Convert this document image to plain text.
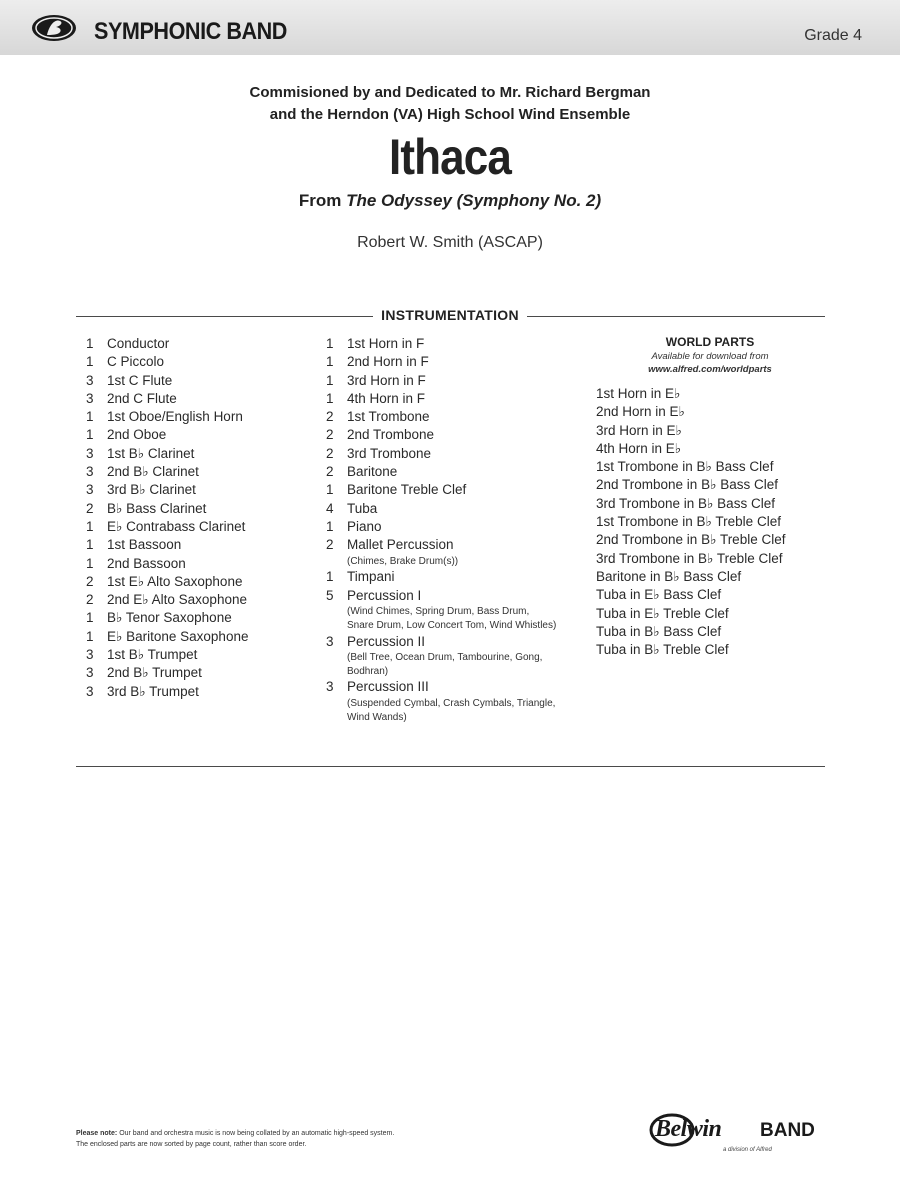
SYMPHONIC BAND	Grade 4
Commisioned by and Dedicated to Mr. Richard Bergman
and the Herndon (VA) High School Wind Ensemble
Ithaca
From The Odyssey (Symphony No. 2)
Robert W. Smith (ASCAP)
INSTRUMENTATION
1 Conductor
1 C Piccolo
3 1st C Flute
3 2nd C Flute
1 1st Oboe/English Horn
1 2nd Oboe
3 1st B♭ Clarinet
3 2nd B♭ Clarinet
3 3rd B♭ Clarinet
2 B♭ Bass Clarinet
1 E♭ Contrabass Clarinet
1 1st Bassoon
1 2nd Bassoon
2 1st E♭ Alto Saxophone
2 2nd E♭ Alto Saxophone
1 B♭ Tenor Saxophone
1 E♭ Baritone Saxophone
3 1st B♭ Trumpet
3 2nd B♭ Trumpet
3 3rd B♭ Trumpet
1 1st Horn in F
1 2nd Horn in F
1 3rd Horn in F
1 4th Horn in F
2 1st Trombone
2 2nd Trombone
2 3rd Trombone
2 Baritone
1 Baritone Treble Clef
4 Tuba
1 Piano
2 Mallet Percussion
(Chimes, Brake Drum(s))
1 Timpani
5 Percussion I
(Wind Chimes, Spring Drum, Bass Drum, Snare Drum, Low Concert Tom, Wind Whistles)
3 Percussion II
(Bell Tree, Ocean Drum, Tambourine, Gong, Bodhran)
3 Percussion III
(Suspended Cymbal, Crash Cymbals, Triangle, Wind Wands)
WORLD PARTS
Available for download from
www.alfred.com/worldparts
1st Horn in E♭
2nd Horn in E♭
3rd Horn in E♭
4th Horn in E♭
1st Trombone in B♭ Bass Clef
2nd Trombone in B♭ Bass Clef
3rd Trombone in B♭ Bass Clef
1st Trombone in B♭ Treble Clef
2nd Trombone in B♭ Treble Clef
3rd Trombone in B♭ Treble Clef
Baritone in B♭ Bass Clef
Tuba in E♭ Bass Clef
Tuba in E♭ Treble Clef
Tuba in B♭ Bass Clef
Tuba in B♭ Treble Clef
Please note: Our band and orchestra music is now being collated by an automatic high-speed system.
The enclosed parts are now sorted by page count, rather than score order.
Belwin BAND
a division of Alfred
